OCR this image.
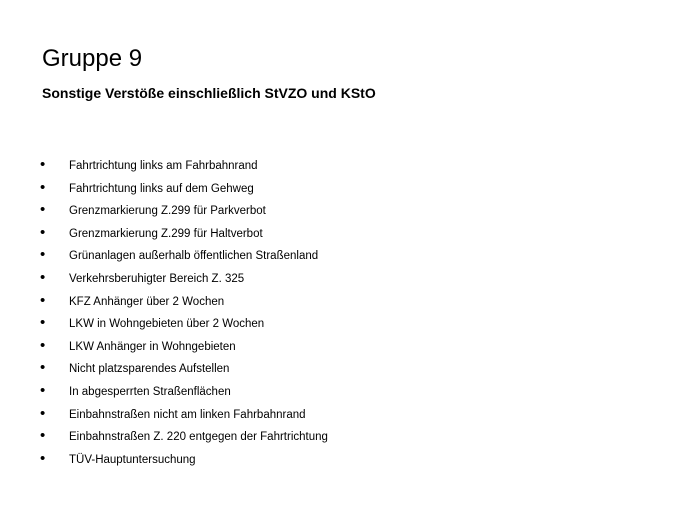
Gruppe 9
Sonstige Verstöße einschließlich StVZO und KStO
•	Fahrtrichtung links am Fahrbahnrand
•	Fahrtrichtung links auf dem Gehweg
•	Grenzmarkierung Z.299 für Parkverbot
•	Grenzmarkierung Z.299 für Haltverbot
•	Grünanlagen außerhalb öffentlichen Straßenland
•	Verkehrsberuhigter Bereich Z. 325
•	KFZ Anhänger über 2 Wochen
•	LKW in Wohngebieten über 2 Wochen
•	LKW Anhänger in Wohngebieten
•	Nicht platzsparendes Aufstellen
•	In abgesperrten Straßenflächen
•	Einbahnstraßen nicht am linken Fahrbahnrand
•	Einbahnstraßen Z. 220 entgegen der Fahrtrichtung
•	TÜV-Hauptuntersuchung
